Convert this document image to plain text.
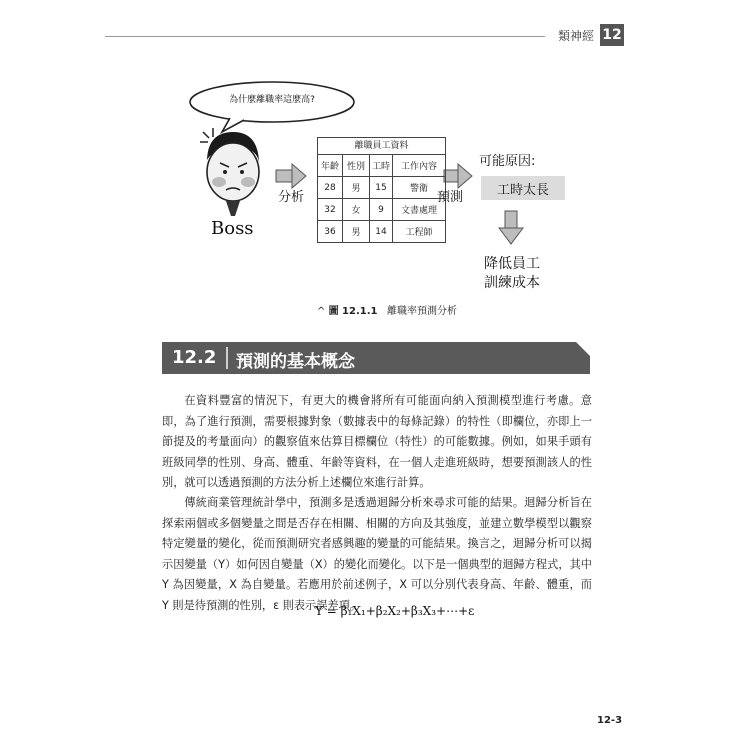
類神經 12
為什麼離職率這麼高?
Boss
分析
離職員工資料
年齡	性別	工時	工作內容
28	男	15	警衛
32	女	9	文書處理
36	男	14	工程師
預測
可能原因:
工時太長
降低員工
訓練成本
^ 圖 12.1.1 離職率預測分析
12.2 預測的基本概念

在資料豐富的情況下，有更大的機會將所有可能面向納入預測模型進行考慮。意即，為了進行預測，需要根據對象（數據表中的每條記錄）的特性（即欄位，亦即上一節提及的考量面向）的觀察值來估算目標欄位（特性）的可能數據。例如，如果手頭有班級同學的性別、身高、體重、年齡等資料，在一個人走進班級時，想要預測該人的性別，就可以透過預測的方法分析上述欄位來進行計算。

傳統商業管理統計學中，預測多是透過迴歸分析來尋求可能的結果。迴歸分析旨在探索兩個或多個變量之間是否存在相關、相關的方向及其強度，並建立數學模型以觀察特定變量的變化，從而預測研究者感興趣的變量的可能結果。換言之，迴歸分析可以揭示因變量（Y）如何因自變量（X）的變化而變化。以下是一個典型的迴歸方程式，其中 Y 為因變量，X 為自變量。若應用於前述例子，X 可以分別代表身高、年齡、體重，而 Y 則是待預測的性別，ε 則表示誤差項。

Y = β₁X₁+β₂X₂+β₃X₃+⋯+ε
12-3
